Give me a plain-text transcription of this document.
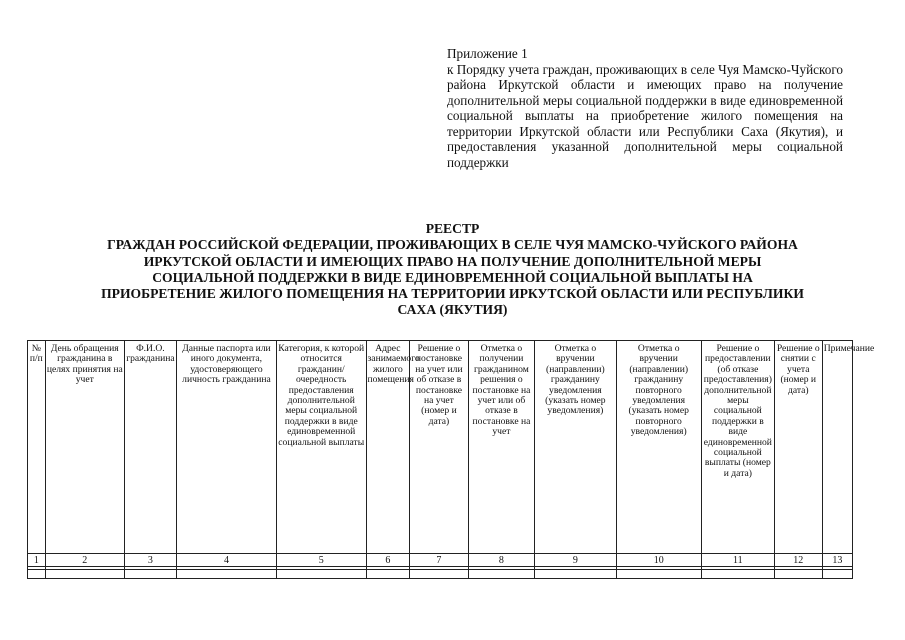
Приложение 1
к Порядку учета граждан, проживающих в селе Чуя Мамско-Чуйского района Иркутской области и имеющих право на получение дополнительной меры социальной поддержки в виде единовременной социальной выплаты на приобретение жилого помещения на территории Иркутской области или Республики Саха (Якутия), и предоставления указанной дополнительной меры социальной поддержки
РЕЕСТР
ГРАЖДАН РОССИЙСКОЙ ФЕДЕРАЦИИ, ПРОЖИВАЮЩИХ В СЕЛЕ ЧУЯ МАМСКО-ЧУЙСКОГО РАЙОНА
ИРКУТСКОЙ ОБЛАСТИ И ИМЕЮЩИХ ПРАВО НА ПОЛУЧЕНИЕ ДОПОЛНИТЕЛЬНОЙ МЕРЫ
СОЦИАЛЬНОЙ ПОДДЕРЖКИ В ВИДЕ ЕДИНОВРЕМЕННОЙ СОЦИАЛЬНОЙ ВЫПЛАТЫ НА
ПРИОБРЕТЕНИЕ ЖИЛОГО ПОМЕЩЕНИЯ НА ТЕРРИТОРИИ ИРКУТСКОЙ ОБЛАСТИ ИЛИ РЕСПУБЛИКИ
САХА (ЯКУТИЯ)
№ п/п	День обращения гражданина в целях принятия на учет	Ф.И.О. гражданина	Данные паспорта или иного документа, удостоверяющего личность гражданина	Категория, к которой относится гражданин/ очередность предоставления дополнительной меры социальной поддержки в виде единовременной социальной выплаты	Адрес занимаемого жилого помещения	Решение о постановке на учет или об отказе в постановке на учет (номер и дата)	Отметка о получении гражданином решения о постановке на учет или об отказе в постановке на учет	Отметка о вручении (направлении) гражданину уведомления (указать номер уведомления)	Отметка о вручении (направлении) гражданину повторного уведомления (указать номер повторного уведомления)	Решение о предоставлении (об отказе предоставления) дополнительной меры социальной поддержки в виде единовременной социальной выплаты (номер и дата)	Решение о снятии с учета (номер и дата)	Примечание
1	2	3	4	5	6	7	8	9	10	11	12	13
